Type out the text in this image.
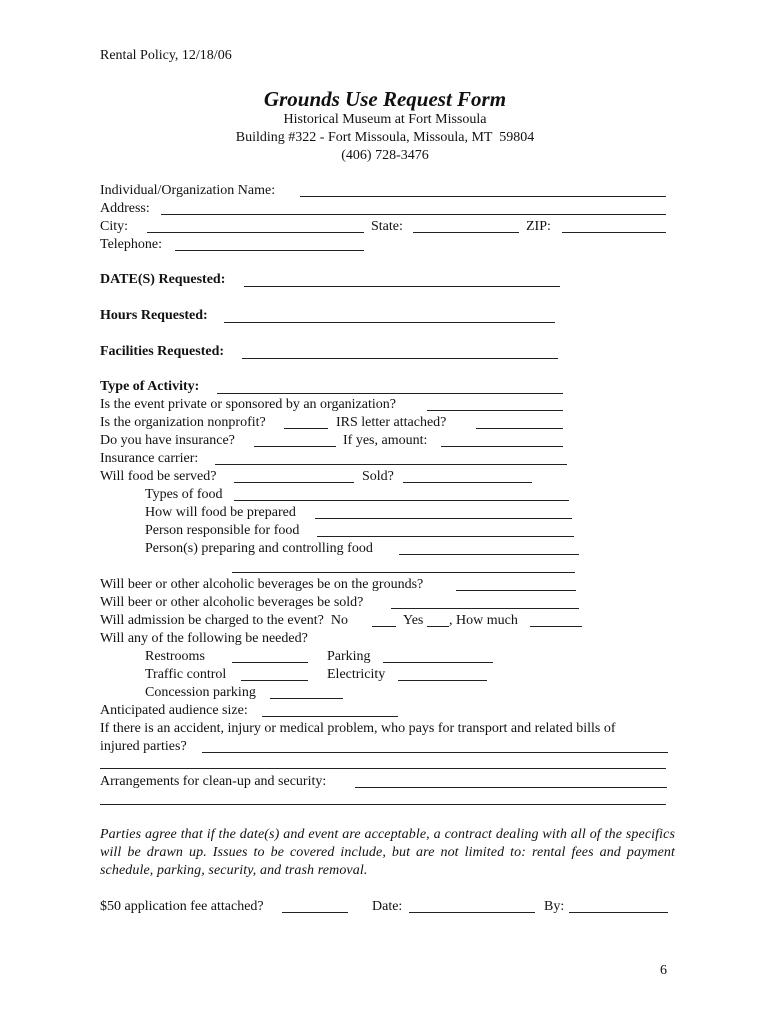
Rental Policy, 12/18/06
Grounds Use Request Form
Historical Museum at Fort Missoula
Building #322 - Fort Missoula, Missoula, MT  59804
(406) 728-3476
Individual/Organization Name:
Address:
City:	State:	ZIP:
Telephone:
DATE(S) Requested:
Hours Requested:
Facilities Requested:
Type of Activity:
Is the event private or sponsored by an organization?
Is the organization nonprofit?	IRS letter attached?
Do you have insurance?	If yes, amount:
Insurance carrier:
Will food be served?	Sold?
Types of food
How will food be prepared
Person responsible for food
Person(s) preparing and controlling food
Will beer or other alcoholic beverages be on the grounds?
Will beer or other alcoholic beverages be sold?
Will admission be charged to the event?  No	Yes , How much
Will any of the following be needed?
Restrooms	Parking
Traffic control	Electricity
Concession parking
Anticipated audience size:
If there is an accident, injury or medical problem, who pays for transport and related bills of
injured parties?
Arrangements for clean-up and security:
Parties agree that if the date(s) and event are acceptable, a contract dealing with all of the specifics will be drawn up. Issues to be covered include, but are not limited to: rental fees and payment schedule, parking, security, and trash removal.
$50 application fee attached?	Date:	By:
6
